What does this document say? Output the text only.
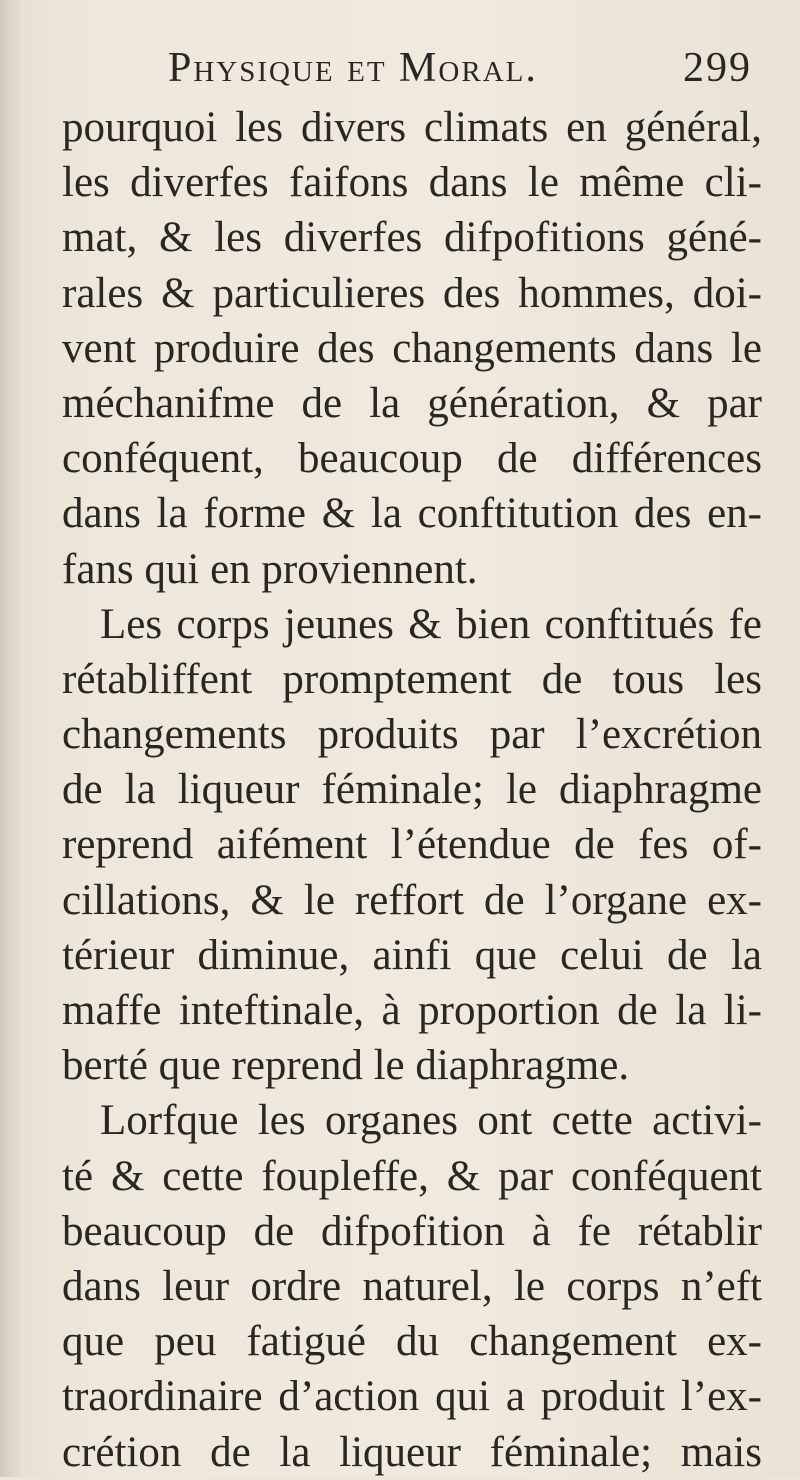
Physique et Moral.	299
pourquoi les divers climats en général,
les diverfes faifons dans le même cli-
mat, & les diverfes difpofitions géné-
rales & particulieres des hommes, doi-
vent produire des changements dans le
méchanifme de la génération, & par
conféquent, beaucoup de différences
dans la forme & la conftitution des en-
fans qui en proviennent.
Les corps jeunes & bien conftitués fe
rétabliffent promptement de tous les
changements produits par l’excrétion
de la liqueur féminale; le diaphragme
reprend aifément l’étendue de fes of-
cillations, & le reffort de l’organe ex-
térieur diminue, ainfi que celui de la
maffe inteftinale, à proportion de la li-
berté que reprend le diaphragme.
Lorfque les organes ont cette activi-
té & cette foupleffe, & par conféquent
beaucoup de difpofition à fe rétablir
dans leur ordre naturel, le corps n’eft
que peu fatigué du changement ex-
traordinaire d’action qui a produit l’ex-
crétion de la liqueur féminale; mais
